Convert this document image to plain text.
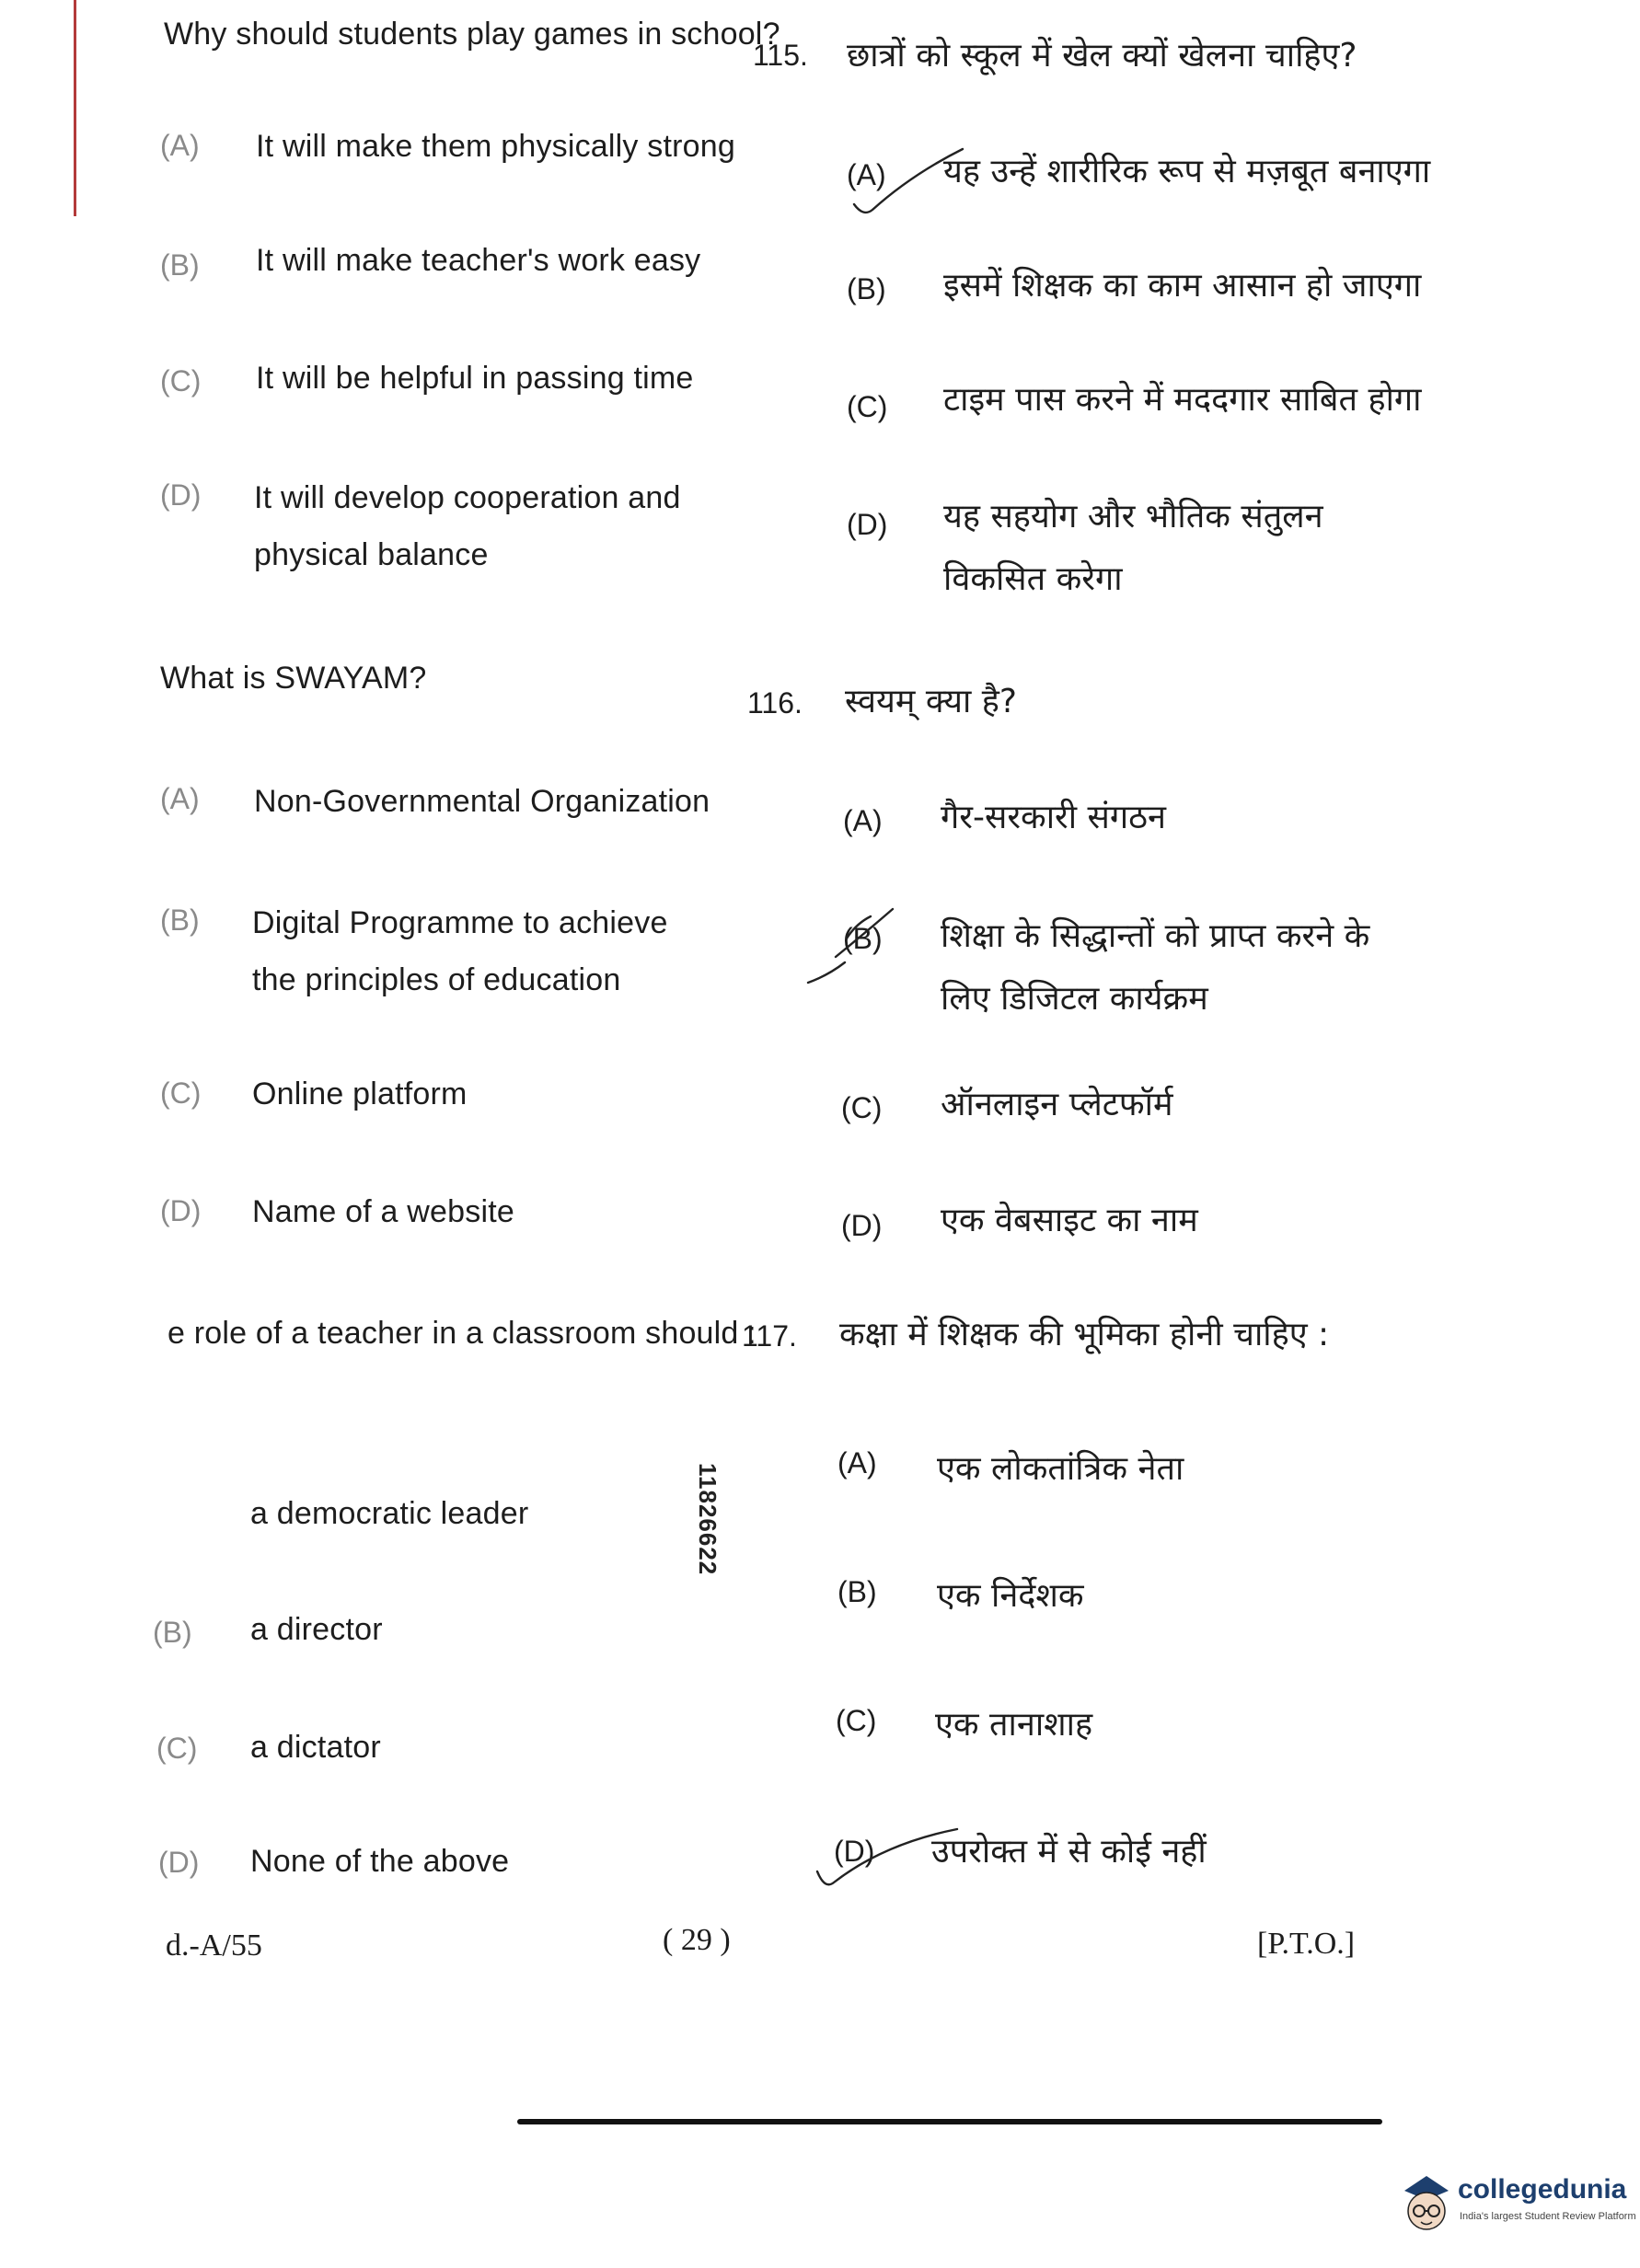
Why should students play games in school?
115. छात्रों को स्कूल में खेल क्यों खेलना चाहिए?
(A) It will make them physically strong
(A) यह उन्हें शारीरिक रूप से मज़बूत बनाएगा
(B) It will make teacher's work easy
(B) इसमें शिक्षक का काम आसान हो जाएगा
(C) It will be helpful in passing time
(C) टाइम पास करने में मददगार साबित होगा
(D) It will develop cooperation and physical balance
(D) यह सहयोग और भौतिक संतुलन विकसित करेगा
What is SWAYAM?
116. स्वयम् क्या है?
(A) Non-Governmental Organization
(A) गैर-सरकारी संगठन
(B) Digital Programme to achieve the principles of education
(B) शिक्षा के सिद्धान्तों को प्राप्त करने के लिए डिजिटल कार्यक्रम
(C) Online platform	(C) ऑनलाइन प्लेटफॉर्म
(D) Name of a website	(D) एक वेबसाइट का नाम
e role of a teacher in a classroom should :
117. कक्षा में शिक्षक की भूमिका होनी चाहिए :
a democratic leader
(A) एक लोकतांत्रिक नेता
(B) a director
(B) एक निर्देशक
(C) a dictator
(C) एक तानाशाह
(D) None of the above	(D) उपरोक्त में से कोई नहीं
11826622
d.-A/55	( 29 )	[P.T.O.]
collegedunia
India's largest Student Review Platform
